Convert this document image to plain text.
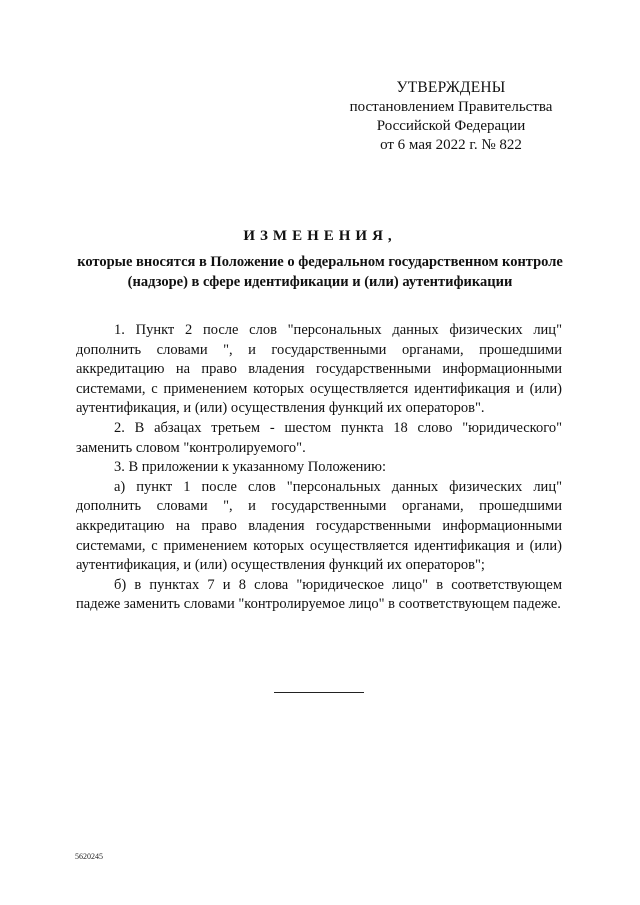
УТВЕРЖДЕНЫ
постановлением Правительства
Российской Федерации
от 6 мая 2022 г. № 822
ИЗМЕНЕНИЯ,
которые вносятся в Положение о федеральном государственном контроле (надзоре) в сфере идентификации и (или) аутентификации

1. Пункт 2 после слов "персональных данных физических лиц" дополнить словами ", и государственными органами, прошедшими аккредитацию на право владения государственными информационными системами, с применением которых осуществляется идентификация и (или) аутентификация, и (или) осуществления функций их операторов".

2. В абзацах третьем - шестом пункта 18 слово "юридического" заменить словом "контролируемого".

3. В приложении к указанному Положению:

а) пункт 1 после слов "персональных данных физических лиц" дополнить словами ", и государственными органами, прошедшими аккредитацию на право владения государственными информационными системами, с применением которых осуществляется идентификация и (или) аутентификация, и (или) осуществления функций их операторов";

б) в пунктах 7 и 8 слова "юридическое лицо" в соответствующем падеже заменить словами "контролируемое лицо" в соответствующем падеже.

5620245
